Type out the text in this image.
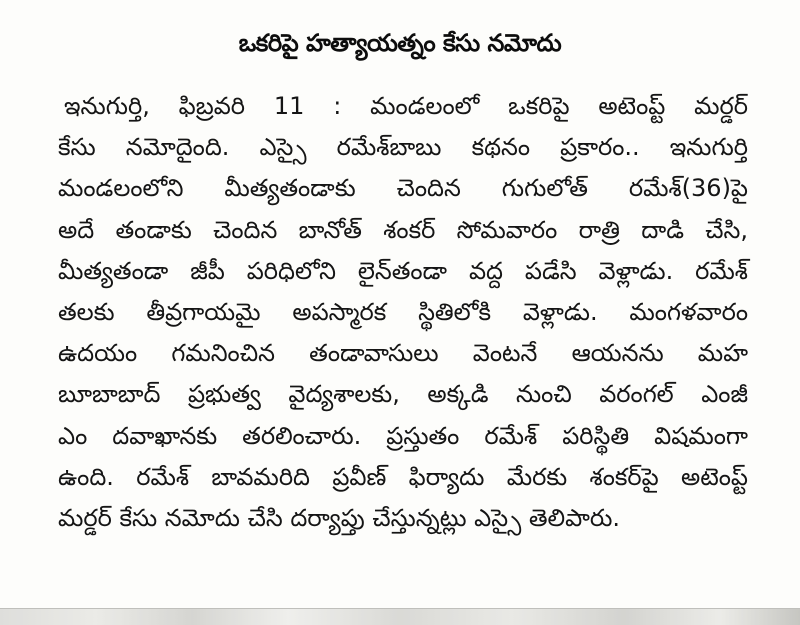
ఒకరిపై హత్యాయత్నం కేసు నమోదు
ఇనుగుర్తి, ఫిబ్రవరి 11 : మండలంలో ఒకరిపై అటెంప్ట్ మర్డర్
కేసు నమోదైంది. ఎస్సై రమేశ్‌బాబు కథనం ప్రకారం.. ఇనుగుర్తి
మండలంలోని మీత్యతండాకు చెందిన గుగులోత్ రమేశ్(36)పై
అదే తండాకు చెందిన బానోత్ శంకర్ సోమవారం రాత్రి దాడి చేసి,
మీత్యతండా జీపీ పరిధిలోని లైన్‌తండా వద్ద పడేసి వెళ్లాడు. రమేశ్
తలకు తీవ్రగాయమై అపస్మారక స్థితిలోకి వెళ్లాడు. మంగళవారం
ఉదయం గమనించిన తండావాసులు వెంటనే ఆయనను మహ
బూబాబాద్ ప్రభుత్వ వైద్యశాలకు, అక్కడి నుంచి వరంగల్ ఎంజీ
ఎం దవాఖానకు తరలించారు. ప్రస్తుతం రమేశ్ పరిస్థితి విషమంగా
ఉంది. రమేశ్ బావమరిది ప్రవీణ్ ఫిర్యాదు మేరకు శంకర్‌పై అటెంప్ట్
మర్డర్ కేసు నమోదు చేసి దర్యాప్తు చేస్తున్నట్లు ఎస్సై తెలిపారు.
